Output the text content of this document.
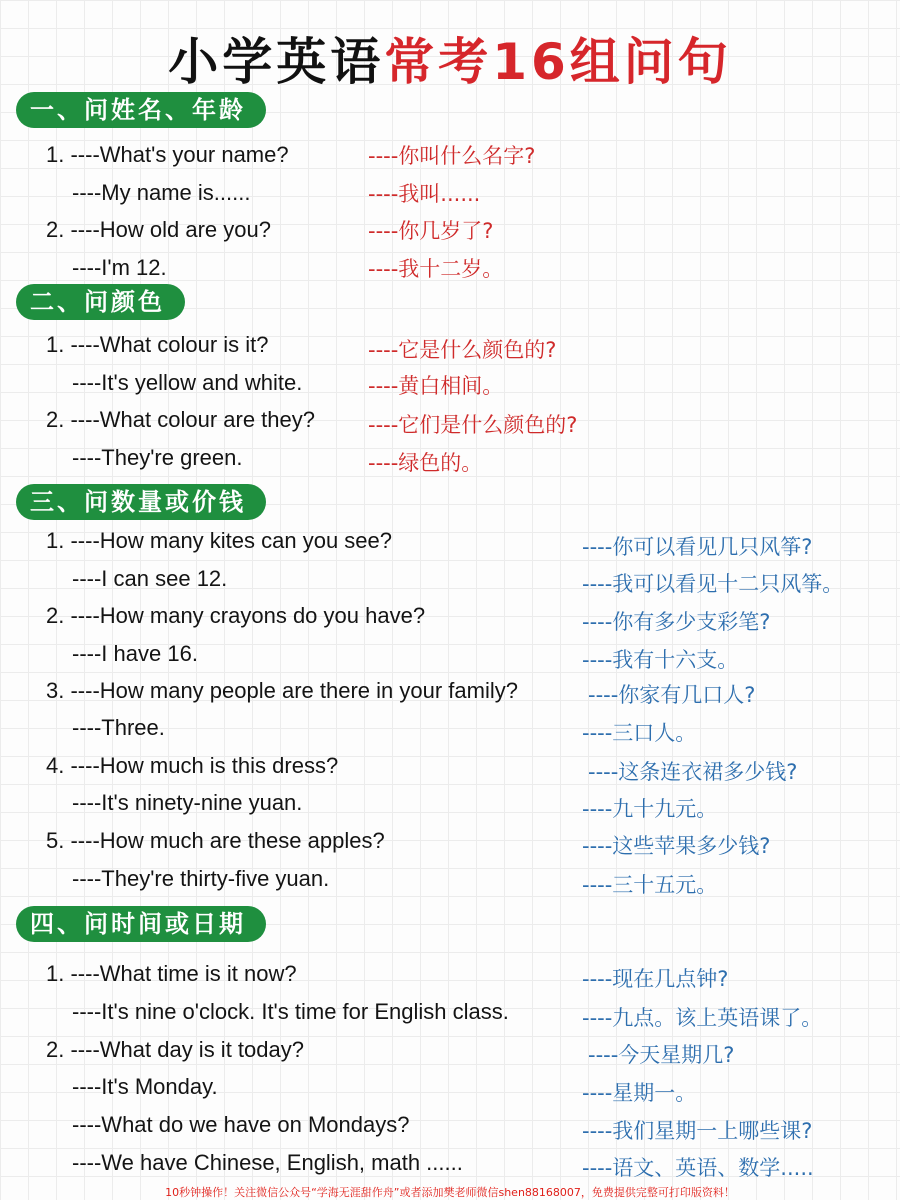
小学英语常考16组问句
一、问姓名、年龄
1. ----What's your name?	----你叫什么名字?
----My name is......	----我叫......
2. ----How old are you?	----你几岁了?
----I'm 12.	----我十二岁。
二、问颜色
1. ----What colour is it?	----它是什么颜色的?
----It's yellow and white.	----黄白相间。
2. ----What colour are they?	----它们是什么颜色的?
----They're green.	----绿色的。
三、问数量或价钱
1. ----How many kites can you see?	----你可以看见几只风筝?
----I can see 12.	----我可以看见十二只风筝。
2. ----How many crayons do you have?	----你有多少支彩笔?
----I have 16.	----我有十六支。
3. ----How many people are there in your family?	----你家有几口人?
----Three.	----三口人。
4. ----How much is this dress?	----这条连衣裙多少钱?
----It's ninety-nine yuan.	----九十九元。
5. ----How much are these apples?	----这些苹果多少钱?
----They're thirty-five yuan.	----三十五元。
四、问时间或日期
1. ----What time is it now?	----现在几点钟?
----It's nine o'clock. It's time for English class.	----九点。该上英语课了。
2. ----What day is it today?	----今天星期几?
----It's Monday.	----星期一。
----What do we have on Mondays?	----我们星期一上哪些课?
----We have Chinese, English, math ......	----语文、英语、数学.....
10秒钟操作！关注微信公众号“学海无涯甜作舟”或者添加樊老师微信shen88168007，免费提供完整可打印版资料！
